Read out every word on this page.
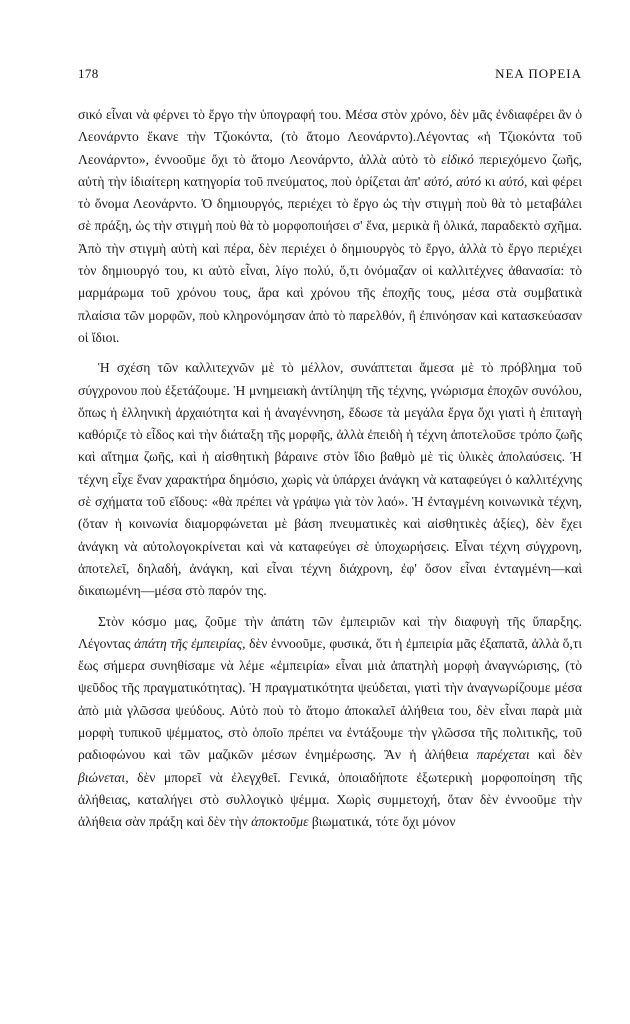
178	ΝΕΑ ΠΟΡΕΙΑ

σικό εἶναι νὰ φέρνει τὸ ἔργο τὴν ὑπογραφή του. Μέσα στὸν χρόνο, δὲν μᾶς ἐνδιαφέρει ἂν ὁ Λεονάρντο ἔκανε τὴν Τζιοκόντα, (τὸ ἄτομο Λεονάρντο).Λέγοντας «ἡ Τζιοκόντα τοῦ Λεονάρντο», ἐννοοῦμε ὄχι τὸ ἄτομο Λεονάρντο, ἀλλὰ αὐτὸ τὸ εἰδικό περιεχόμενο ζωῆς, αὐτὴ τὴν ἰδιαίτερη κατηγορία τοῦ πνεύματος, ποὺ ὁρίζεται ἀπ' αὐτό, αὐτό κι αὐτό, καὶ φέρει τὸ ὄνομα Λεονάρντο. Ὁ δημιουργός, περιέχει τὸ ἔργο ὡς τὴν στιγμὴ ποὺ θὰ τὸ μεταβάλει σὲ πράξη, ὡς τὴν στιγμὴ ποὺ θὰ τὸ μορφοποιήσει σ' ἕνα, μερικὰ ἢ ὁλικά, παραδεκτὸ σχῆμα. Ἀπὸ τὴν στιγμὴ αὐτὴ καὶ πέρα, δὲν περιέχει ὁ δημιουργὸς τὸ ἔργο, ἀλλὰ τὸ ἔργο περιέχει τὸν δημιουργό του, κι αὐτὸ εἶναι, λίγο πολύ, ὅ,τι ὀνόμαζαν οἱ καλλιτέχνες ἀθανασία: τὸ μαρμάρωμα τοῦ χρόνου τους, ἄρα καὶ χρόνου τῆς ἐποχῆς τους, μέσα στὰ συμβατικὰ πλαίσια τῶν μορφῶν, ποὺ κληρονόμησαν ἀπὸ τὸ παρελθόν, ἢ ἐπινόησαν καὶ κατασκεύασαν οἱ ἴδιοι.

Ἡ σχέση τῶν καλλιτεχνῶν μὲ τὸ μέλλον, συνάπτεται ἄμεσα μὲ τὸ πρόβλημα τοῦ σύγχρονου ποὺ ἐξετάζουμε. Ἡ μνημειακὴ ἀντίληψη τῆς τέχνης, γνώρισμα ἐποχῶν συνόλου, ὅπως ἡ ἑλληνικὴ ἀρχαιότητα καὶ ἡ ἀναγέννηση, ἔδωσε τὰ μεγάλα ἔργα ὄχι γιατὶ ἡ ἐπιταγὴ καθόριζε τὸ εἶδος καὶ τὴν διάταξη τῆς μορφῆς, ἀλλὰ ἐπειδὴ ἡ τέχνη ἀποτελοῦσε τρόπο ζωῆς καὶ αἴτημα ζωῆς, καὶ ἡ αἰσθητικὴ βάραινε στὸν ἴδιο βαθμὸ μὲ τὶς ὑλικὲς ἀπολαύσεις. Ἡ τέχνη εἶχε ἕναν χαρακτήρα δημόσιο, χωρὶς νὰ ὑπάρχει ἀνάγκη νὰ καταφεύγει ὁ καλλιτέχνης σὲ σχήματα τοῦ εἴδους: «θὰ πρέπει νὰ γράψω γιὰ τὸν λαό». Ἡ ἐνταγμένη κοινωνικὰ τέχνη, (ὅταν ἡ κοινωνία διαμορφώνεται μὲ βάση πνευματικὲς καὶ αἰσθητικὲς ἀξίες), δὲν ἔχει ἀνάγκη νὰ αὐτολογοκρίνεται καὶ νὰ καταφεύγει σὲ ὑποχωρήσεις. Εἶναι τέχνη σύγχρονη, ἀποτελεῖ, δηλαδή, ἀνάγκη, καὶ εἶναι τέχνη διάχρονη, ἐφ' ὅσον εἶναι ἐνταγμένη—καὶ δικαιωμένη—μέσα στὸ παρόν της.

Στὸν κόσμο μας, ζοῦμε τὴν ἀπάτη τῶν ἐμπειριῶν καὶ τὴν διαφυγὴ τῆς ὕπαρξης. Λέγοντας ἀπάτη τῆς ἐμπειρίας, δὲν ἐννοοῦμε, φυσικά, ὅτι ἡ ἐμπειρία μᾶς ἐξαπατᾶ, ἀλλὰ ὅ,τι ἔως σήμερα συνηθίσαμε νὰ λέμε «ἐμπειρία» εἶναι μιὰ ἀπατηλὴ μορφὴ ἀναγνώρισης, (τὸ ψεῦδος τῆς πραγματικότητας). Ἡ πραγματικότητα ψεύδεται, γιατὶ τὴν ἀναγνωρίζουμε μέσα ἀπὸ μιὰ γλῶσσα ψεύδους. Αὐτὸ ποὺ τὸ ἄτομο ἀποκαλεῖ ἀλήθεια του, δὲν εἶναι παρὰ μιὰ μορφὴ τυπικοῦ ψέμματος, στὸ ὁποῖο πρέπει να ἐντάξουμε τὴν γλῶσσα τῆς πολιτικῆς, τοῦ ραδιοφώνου καὶ τῶν μαζικῶν μέσων ἐνημέρωσης. Ἂν ἡ ἀλήθεια παρέχεται καὶ δὲν βιώνεται, δὲν μπορεῖ νὰ ἐλεγχθεῖ. Γενικά, ὁποιαδήποτε ἐξωτερικὴ μορφοποίηση τῆς ἀλήθειας, καταλήγει στὸ συλλογικὸ ψέμμα. Χωρὶς συμμετοχή, ὅταν δὲν ἐννοοῦμε τὴν ἀλήθεια σὰν πράξη καὶ δὲν τὴν ἀποκτοῦμε βιωματικά, τότε ὄχι μόνον
